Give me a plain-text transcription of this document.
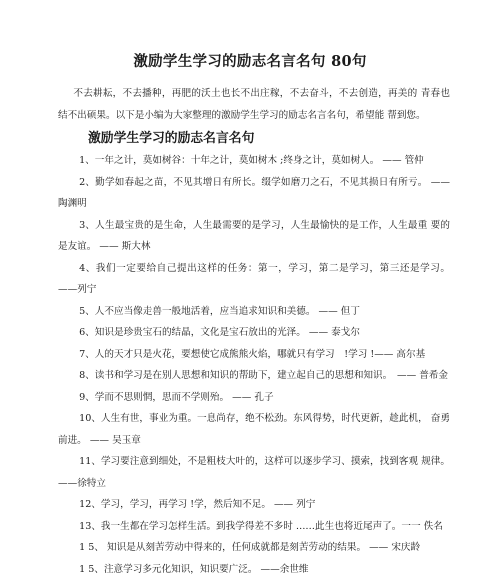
激励学生学习的励志名言名句 80句

不去耕耘，不去播种，再肥的沃土也长不出庄稼，不去奋斗，不去创造，再美的 青春也结不出硕果。以下是小编为大家整理的激励学生学习的励志名言名句，希望能 帮到您。

激励学生学习的励志名言名句
1、一年之计，莫如树谷：十年之计，莫如树木 ;终身之计，莫如树人。 —— 管仲
2、勤学如春起之苗，不见其增日有所长。缀学如磨刀之石，不见其损日有所亏。 ——陶渊明
3、人生最宝贵的是生命，人生最需要的是学习，人生最愉快的是工作，人生最重 要的是友谊。 —— 斯大林
4、我们一定要给自己提出这样的任务：第一，学习，第二是学习，第三还是学习。 ——列宁
5、人不应当像走兽一般地活着，应当追求知识和美德。 —— 但丁
6、知识是珍贵宝石的结晶，文化是宝石放出的光泽。 —— 泰戈尔
7、人的天才只是火花，要想使它成熊熊火焰，哪就只有学习　!学习 !—— 高尔基
8、读书和学习是在别人思想和知识的帮助下，建立起自己的思想和知识。　—— 普希金
9、学而不思则惘，思而不学则殆。 —— 孔子
10、人生有世，事业为重。一息尚存，绝不松劲。东风得势，时代更新，趁此机， 奋勇前进。 —— 吴玉章
11、学习要注意到细处，不是粗枝大叶的，这样可以逐步学习、摸索，找到客观 规律。——徐特立
12、学习，学习，再学习 !学，然后知不足。 —— 列宁
13、我一生都在学习怎样生活。到我学得差不多时 ……此生也将近尾声了。一一 佚名
1 5、 知识是从刻苦劳动中得来的，任何成就都是刻苦劳动的结果。 —— 宋庆龄
1 5、注意学习多元化知识，知识要广泛。 ——余世维
